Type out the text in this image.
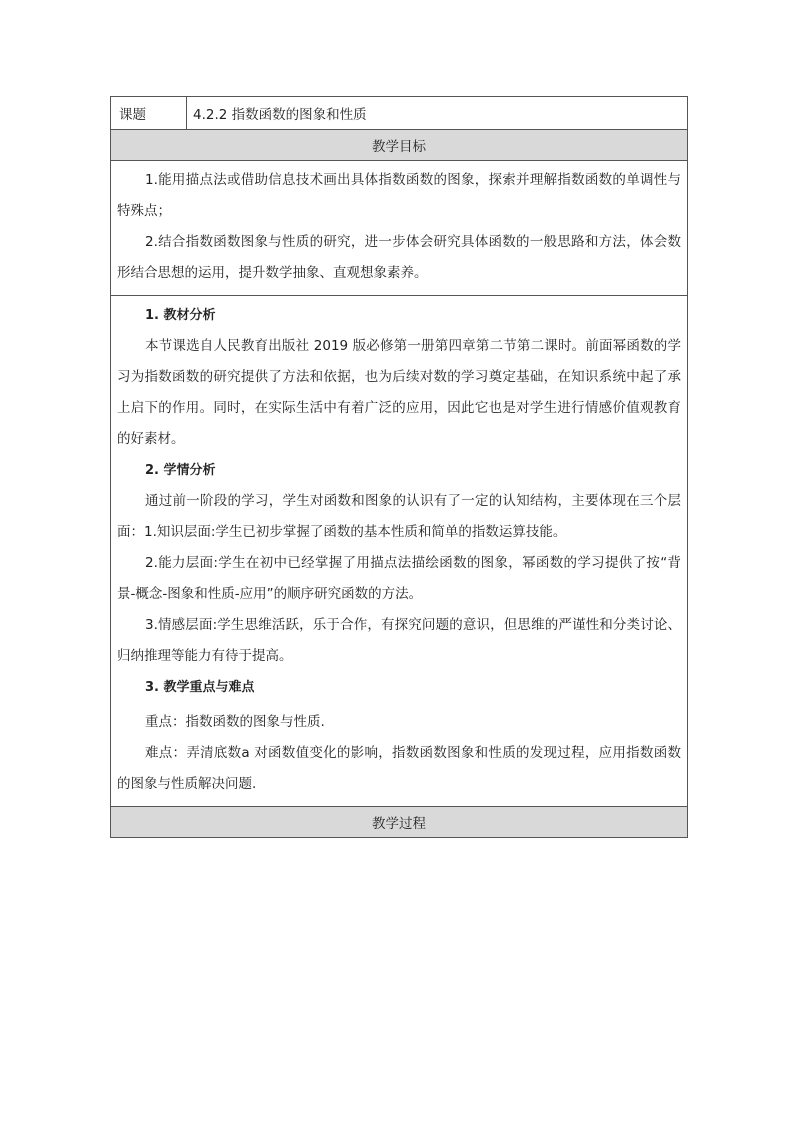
课题	4.2.2 指数函数的图象和性质
教学目标

1.能用描点法或借助信息技术画出具体指数函数的图象，探索并理解指数函数的单调性与特殊点；

2.结合指数函数图象与性质的研究，进一步体会研究具体函数的一般思路和方法，体会数形结合思想的运用，提升数学抽象、直观想象素养。

1. 教材分析

本节课选自人民教育出版社 2019 版必修第一册第四章第二节第二课时。前面幂函数的学习为指数函数的研究提供了方法和依据，也为后续对数的学习奠定基础，在知识系统中起了承上启下的作用。同时，在实际生活中有着广泛的应用，因此它也是对学生进行情感价值观教育的好素材。

2. 学情分析

通过前一阶段的学习，学生对函数和图象的认识有了一定的认知结构，主要体现在三个层面：1.知识层面:学生已初步掌握了函数的基本性质和简单的指数运算技能。

2.能力层面:学生在初中已经掌握了用描点法描绘函数的图象，幂函数的学习提供了按“背景-概念-图象和性质-应用”的顺序研究函数的方法。

3.情感层面:学生思维活跃，乐于合作，有探究问题的意识，但思维的严谨性和分类讨论、归纳推理等能力有待于提高。

3. 教学重点与难点

重点：指数函数的图象与性质.

难点：弄清底数a 对函数值变化的影响，指数函数图象和性质的发现过程，应用指数函数的图象与性质解决问题.

教学过程
